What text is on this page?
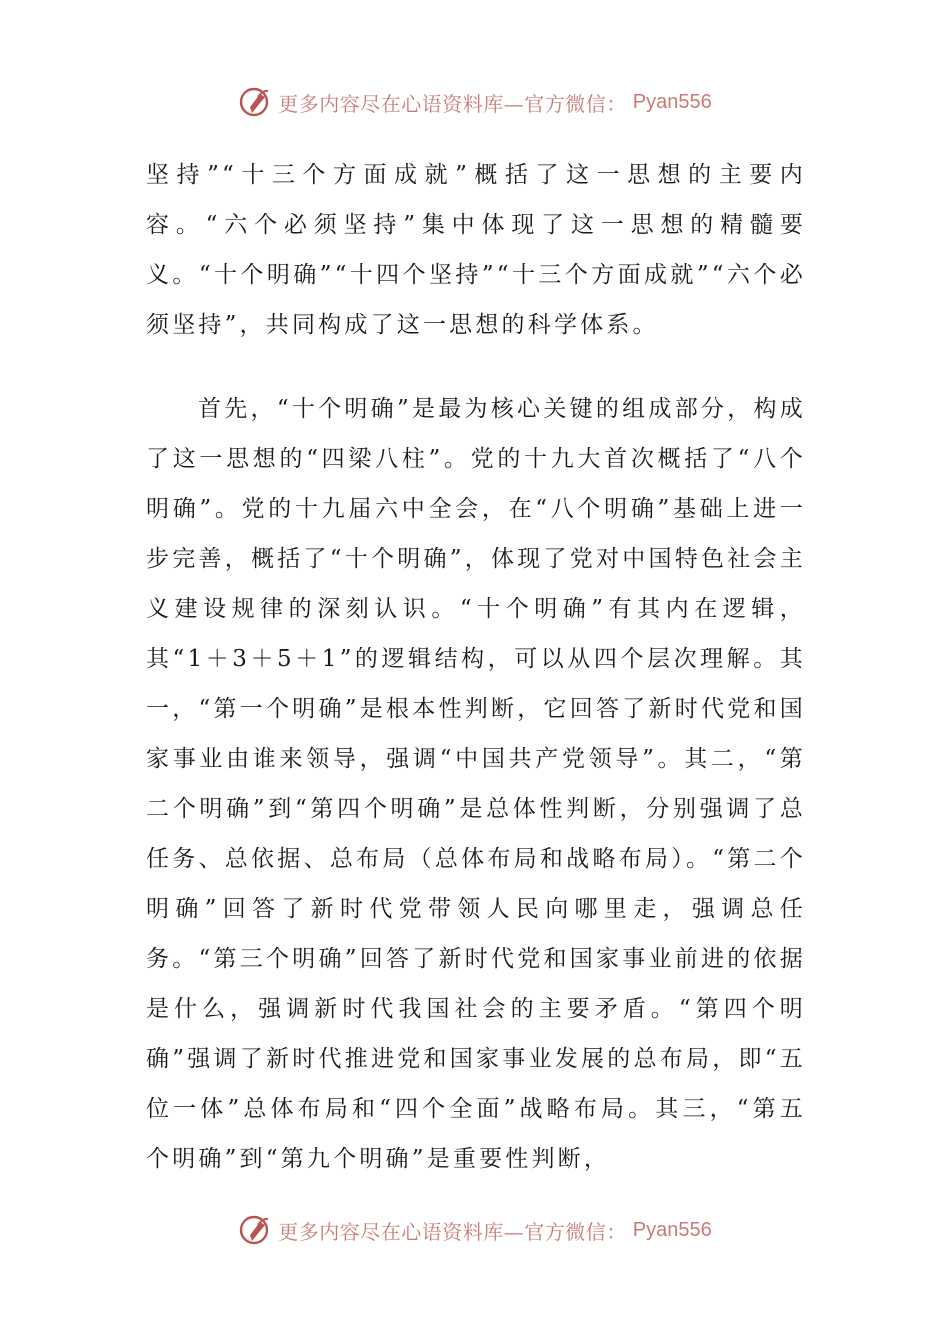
更多内容尽在心语资料库—官方微信： Pyan556

坚持”“十三个方面成就”概括了这一思想的主要内容。“六个必须坚持”集中体现了这一思想的精髓要义。“十个明确”“十四个坚持”“十三个方面成就”“六个必须坚持”，共同构成了这一思想的科学体系。

首先，“十个明确”是最为核心关键的组成部分，构成了这一思想的“四梁八柱”。党的十九大首次概括了“八个明确”。党的十九届六中全会，在“八个明确”基础上进一步完善，概括了“十个明确”，体现了党对中国特色社会主义建设规律的深刻认识。“十个明确”有其内在逻辑，其“1＋3＋5＋1”的逻辑结构，可以从四个层次理解。其一，“第一个明确”是根本性判断，它回答了新时代党和国家事业由谁来领导，强调“中国共产党领导”。其二，“第二个明确”到“第四个明确”是总体性判断，分别强调了总任务、总依据、总布局（总体布局和战略布局）。“第二个明确”回答了新时代党带领人民向哪里走，强调总任务。“第三个明确”回答了新时代党和国家事业前进的依据是什么，强调新时代我国社会的主要矛盾。“第四个明确”强调了新时代推进党和国家事业发展的总布局，即“五位一体”总体布局和“四个全面”战略布局。其三，“第五个明确”到“第九个明确”是重要性判断，

更多内容尽在心语资料库—官方微信： Pyan556
